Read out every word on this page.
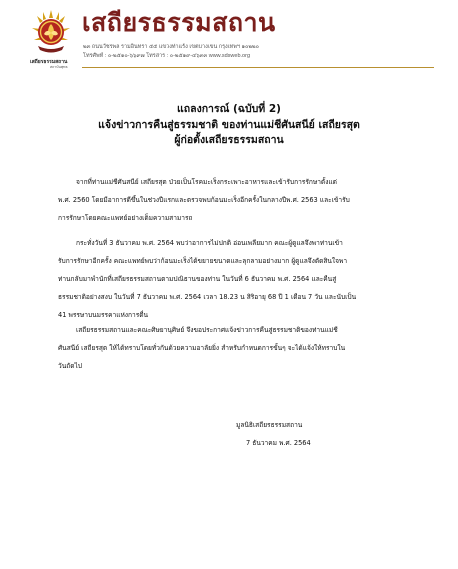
เสถียรธรรมสถาน
สถาบันพุทธ
เสถียรธรรมสถาน
๒๓ ถนนวัชรพล รามอินทรา ๕๕ แขวงท่าแร้ง เขตบางเขน กรุงเทพฯ ๑๐๒๒๐
โทรศัพท์ : ๐-๒๕๑๐-๖๖๙๗ โทรสาร : ๐-๒๕๑๙-๔๖๓๓ www.sdsweb.org
แถลงการณ์ (ฉบับที่ 2)
แจ้งข่าวการคืนสู่ธรรมชาติ ของท่านแม่ชีศันสนีย์ เสถียรสุต
ผู้ก่อตั้งเสถียรธรรมสถาน
จากที่ท่านแม่ชีศันสนีย์ เสถียรสุต ป่วยเป็นโรคมะเร็งกระเพาะอาหารและเข้ารับการรักษาตั้งแต่
พ.ศ. 2560 โดยมีอาการดีขึ้นในช่วงปีแรกและตรวจพบก้อนมะเร็งอีกครั้งในกลางปีพ.ศ. 2563 และเข้ารับ
การรักษาโดยคณะแพทย์อย่างเต็มความสามารถ
กระทั่งวันที่ 3 ธันวาคม พ.ศ. 2564 พบว่าอาการไม่ปกติ อ่อนเพลียมาก คณะผู้ดูแลจึงพาท่านเข้า
รับการรักษาอีกครั้ง คณะแพทย์พบว่าก้อนมะเร็งได้ขยายขนาดและลุกลามอย่างมาก ผู้ดูแลจึงตัดสินใจพา
ท่านกลับมาพำนักที่เสถียรธรรมสถานตามปณิธานของท่าน ในวันที่ 6 ธันวาคม พ.ศ. 2564 และคืนสู่
ธรรมชาติอย่างสงบ ในวันที่ 7 ธันวาคม พ.ศ. 2564 เวลา 18.23 น สิริอายุ 68 ปี 1 เดือน 7 วัน และนับเป็น
41 พรรษาบนมรรคาแห่งการตื่น
เสถียรธรรมสถานและคณะศิษยานุศิษย์ จึงขอประกาศแจ้งข่าวการคืนสู่ธรรมชาติของท่านแม่ชี
ศันสนีย์ เสถียรสุต ให้ได้ทราบโดยทั่วกันด้วยความอาลัยยิ่ง สำหรับกำหนดการขั้นๆ จะได้แจ้งให้ทราบใน
วันถัดไป
มูลนิธิเสถียรธรรมสถาน
7 ธันวาคม พ.ศ. 2564
